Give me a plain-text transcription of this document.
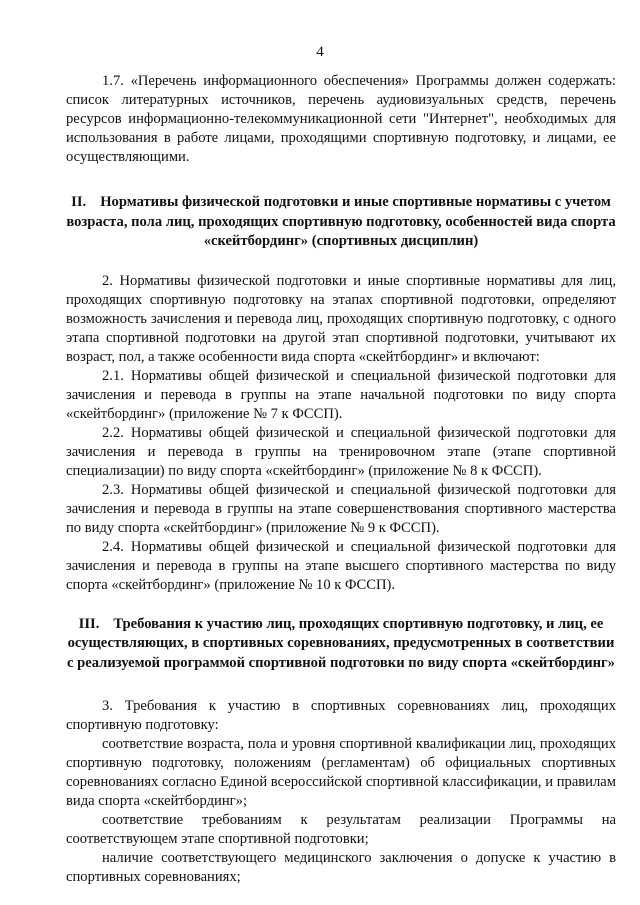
4

1.7. «Перечень информационного обеспечения» Программы должен содержать: список литературных источников, перечень аудиовизуальных средств, перечень ресурсов информационно-телекоммуникационной сети "Интернет", необходимых для использования в работе лицами, проходящими спортивную подготовку, и лицами, ее осуществляющими.

II. Нормативы физической подготовки и иные спортивные нормативы с учетом возраста, пола лиц, проходящих спортивную подготовку, особенностей вида спорта «скейтбординг» (спортивных дисциплин)

2. Нормативы физической подготовки и иные спортивные нормативы для лиц, проходящих спортивную подготовку на этапах спортивной подготовки, определяют возможность зачисления и перевода лиц, проходящих спортивную подготовку, с одного этапа спортивной подготовки на другой этап спортивной подготовки, учитывают их возраст, пол, а также особенности вида спорта «скейтбординг» и включают:

2.1. Нормативы общей физической и специальной физической подготовки для зачисления и перевода в группы на этапе начальной подготовки по виду спорта «скейтбординг» (приложение № 7 к ФССП).

2.2. Нормативы общей физической и специальной физической подготовки для зачисления и перевода в группы на тренировочном этапе (этапе спортивной специализации) по виду спорта «скейтбординг» (приложение № 8 к ФССП).

2.3. Нормативы общей физической и специальной физической подготовки для зачисления и перевода в группы на этапе совершенствования спортивного мастерства по виду спорта «скейтбординг» (приложение № 9 к ФССП).

2.4. Нормативы общей физической и специальной физической подготовки для зачисления и перевода в группы на этапе высшего спортивного мастерства по виду спорта «скейтбординг» (приложение № 10 к ФССП).

III. Требования к участию лиц, проходящих спортивную подготовку, и лиц, ее осуществляющих, в спортивных соревнованиях, предусмотренных в соответствии с реализуемой программой спортивной подготовки по виду спорта «скейтбординг»

3. Требования к участию в спортивных соревнованиях лиц, проходящих спортивную подготовку:

соответствие возраста, пола и уровня спортивной квалификации лиц, проходящих спортивную подготовку, положениям (регламентам) об официальных спортивных соревнованиях согласно Единой всероссийской спортивной классификации, и правилам вида спорта «скейтбординг»;

соответствие требованиям к результатам реализации Программы на соответствующем этапе спортивной подготовки;

наличие соответствующего медицинского заключения о допуске к участию в спортивных соревнованиях;
